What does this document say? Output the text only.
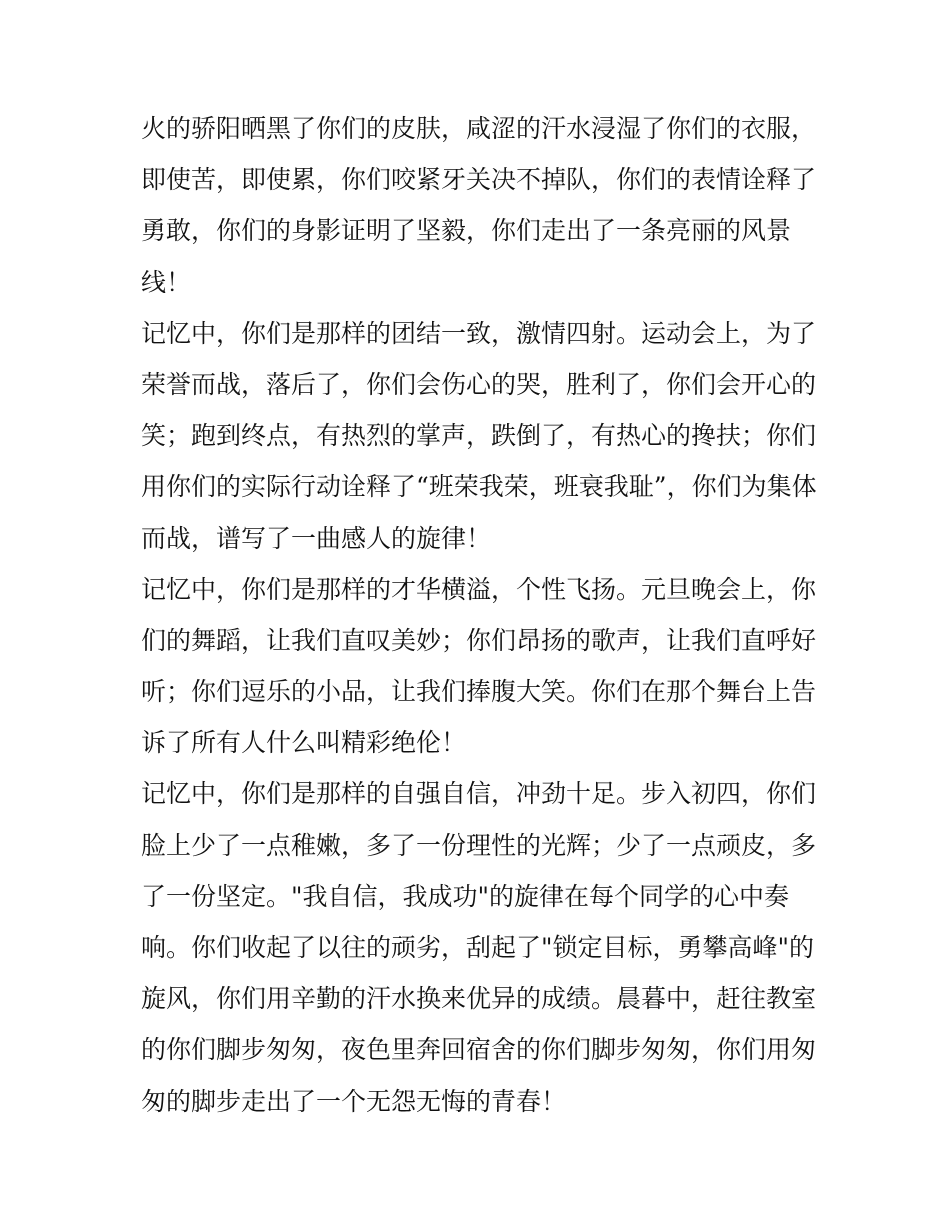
火的骄阳晒黑了你们的皮肤，咸涩的汗水浸湿了你们的衣服，
即使苦，即使累，你们咬紧牙关决不掉队，你们的表情诠释了
勇敢，你们的身影证明了坚毅，你们走出了一条亮丽的风景
线！
记忆中，你们是那样的团结一致，激情四射。运动会上，为了
荣誉而战，落后了，你们会伤心的哭，胜利了，你们会开心的
笑；跑到终点，有热烈的掌声，跌倒了，有热心的搀扶；你们
用你们的实际行动诠释了“班荣我荣，班衰我耻”，你们为集体
而战，谱写了一曲感人的旋律！
记忆中，你们是那样的才华横溢，个性飞扬。元旦晚会上，你
们的舞蹈，让我们直叹美妙；你们昂扬的歌声，让我们直呼好
听；你们逗乐的小品，让我们捧腹大笑。你们在那个舞台上告
诉了所有人什么叫精彩绝伦！
记忆中，你们是那样的自强自信，冲劲十足。步入初四，你们
脸上少了一点稚嫩，多了一份理性的光辉；少了一点顽皮，多
了一份坚定。"我自信，我成功"的旋律在每个同学的心中奏
响。你们收起了以往的顽劣，刮起了"锁定目标，勇攀高峰"的
旋风，你们用辛勤的汗水换来优异的成绩。晨暮中，赶往教室
的你们脚步匆匆，夜色里奔回宿舍的你们脚步匆匆，你们用匆
匆的脚步走出了一个无怨无悔的青春！
